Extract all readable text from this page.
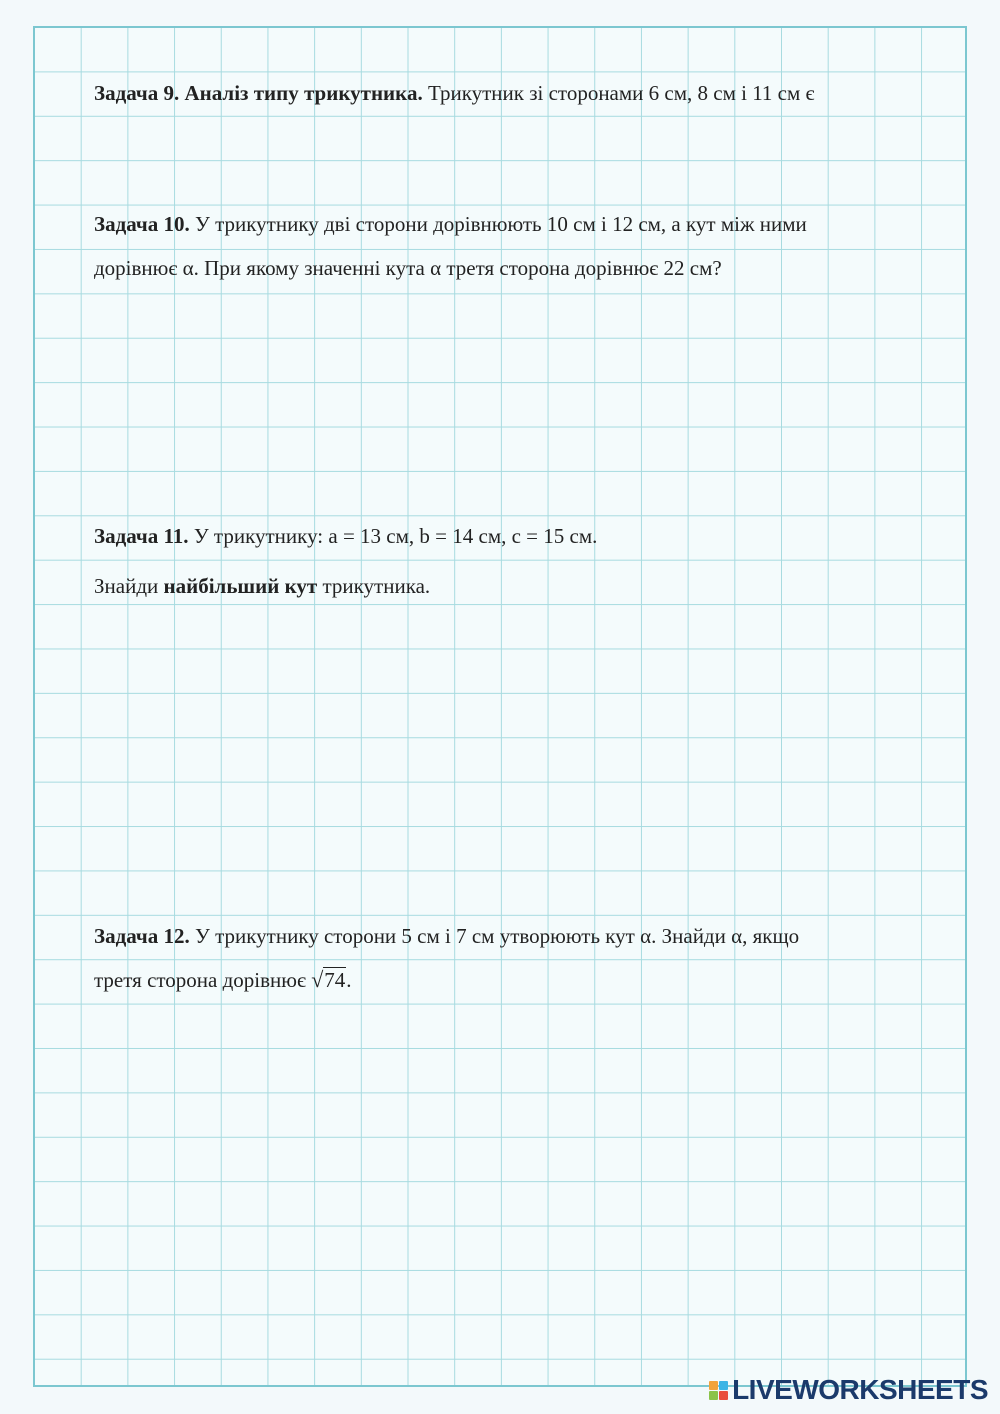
Задача 9. Аналіз типу трикутника. Трикутник зі сторонами 6 см, 8 см і 11 см є
Задача 10. У трикутнику дві сторони дорівнюють 10 см і 12 см, а кут між ними
дорівнює α. При якому значенні кута α третя сторона дорівнює 22 см?
Задача 11. У трикутнику: a = 13 см, b = 14 см, c = 15 см.
Знайди найбільший кут трикутника.
Задача 12. У трикутнику сторони 5 см і 7 см утворюють кут α. Знайди α, якщо
третя сторона дорівнює √74.
LIVEWORKSHEETS
